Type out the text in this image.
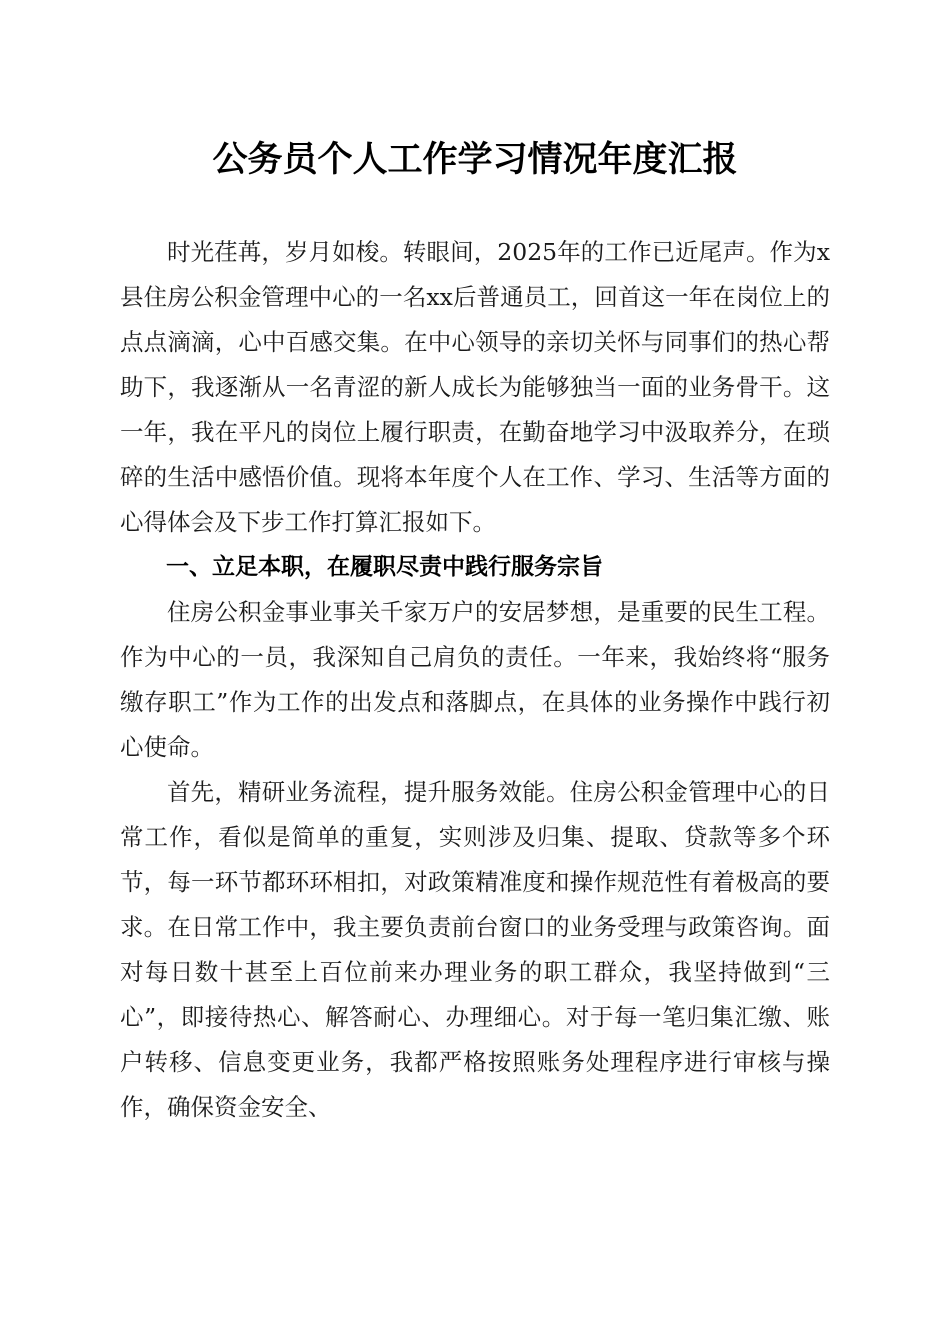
公务员个人工作学习情况年度汇报

时光荏苒，岁月如梭。转眼间，2025年的工作已近尾声。作为x县住房公积金管理中心的一名xx后普通员工，回首这一年在岗位上的点点滴滴，心中百感交集。在中心领导的亲切关怀与同事们的热心帮助下，我逐渐从一名青涩的新人成长为能够独当一面的业务骨干。这一年，我在平凡的岗位上履行职责，在勤奋地学习中汲取养分，在琐碎的生活中感悟价值。现将本年度个人在工作、学习、生活等方面的心得体会及下步工作打算汇报如下。

一、立足本职，在履职尽责中践行服务宗旨

住房公积金事业事关千家万户的安居梦想，是重要的民生工程。作为中心的一员，我深知自己肩负的责任。一年来，我始终将“服务缴存职工”作为工作的出发点和落脚点，在具体的业务操作中践行初心使命。

首先，精研业务流程，提升服务效能。住房公积金管理中心的日常工作，看似是简单的重复，实则涉及归集、提取、贷款等多个环节，每一环节都环环相扣，对政策精准度和操作规范性有着极高的要求。在日常工作中，我主要负责前台窗口的业务受理与政策咨询。面对每日数十甚至上百位前来办理业务的职工群众，我坚持做到“三心”，即接待热心、解答耐心、办理细心。对于每一笔归集汇缴、账户转移、信息变更业务，我都严格按照账务处理程序进行审核与操作，确保资金安全、
